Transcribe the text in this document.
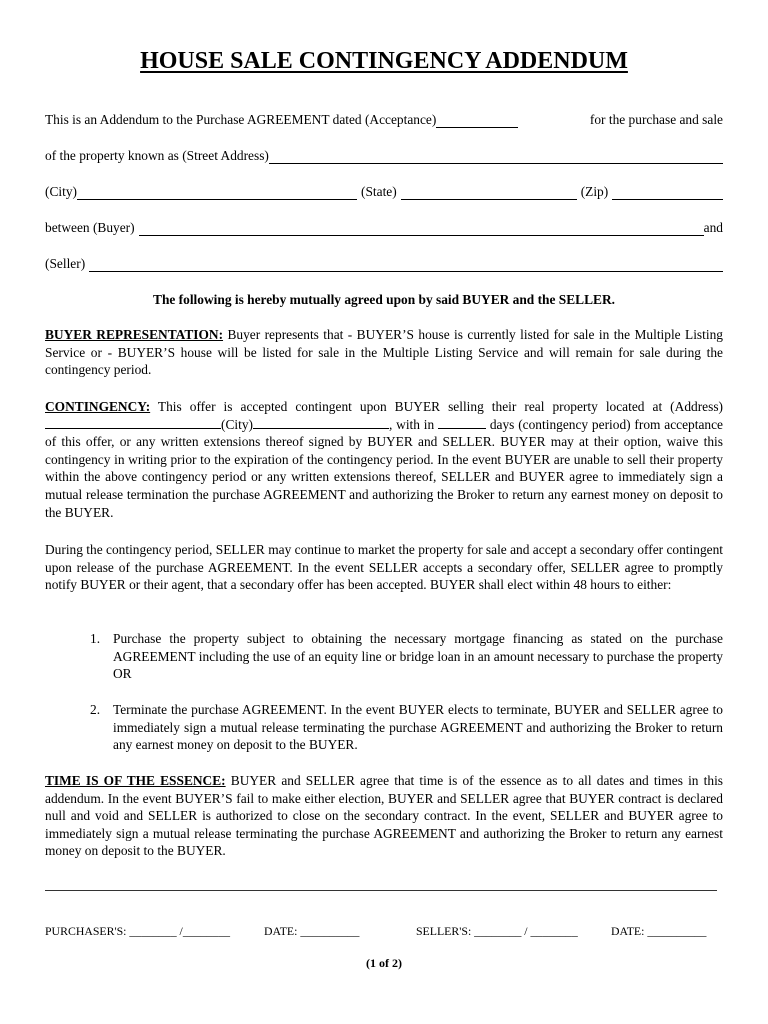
HOUSE SALE CONTINGENCY ADDENDUM
This is an Addendum to the Purchase AGREEMENT dated (Acceptance)	for the purchase and sale
of the property known as (Street Address)
(City)	(State)	(Zip)
between (Buyer)	and
(Seller)
The following is hereby mutually agreed upon by said BUYER and the SELLER.
BUYER REPRESENTATION: Buyer represents that - BUYER’S house is currently listed for sale in the Multiple Listing Service or - BUYER’S house will be listed for sale in the Multiple Listing Service and will remain for sale during the contingency period.
CONTINGENCY: This offer is accepted contingent upon BUYER selling their real property located at (Address)(City)	, with in	days (contingency period) from acceptance of this offer, or any written extensions thereof signed by BUYER and SELLER. BUYER may at their option, waive this contingency in writing prior to the expiration of the contingency period. In the event BUYER are unable to sell their property within the above contingency period or any written extensions thereof, SELLER and BUYER agree to immediately sign a mutual release termination the purchase AGREEMENT and authorizing the Broker to return any earnest money on deposit to the BUYER.
During the contingency period, SELLER may continue to market the property for sale and accept a secondary offer contingent upon release of the purchase AGREEMENT. In the event SELLER accepts a secondary offer, SELLER agree to promptly notify BUYER or their agent, that a secondary offer has been accepted. BUYER shall elect within 48 hours to either:
1. Purchase the property subject to obtaining the necessary mortgage financing as stated on the purchase AGREEMENT including the use of an equity line or bridge loan in an amount necessary to purchase the property OR
2. Terminate the purchase AGREEMENT. In the event BUYER elects to terminate, BUYER and SELLER agree to immediately sign a mutual release terminating the purchase AGREEMENT and authorizing the Broker to return any earnest money on deposit to the BUYER.
TIME IS OF THE ESSENCE: BUYER and SELLER agree that time is of the essence as to all dates and times in this addendum. In the event BUYER’S fail to make either election, BUYER and SELLER agree that BUYER contract is declared null and void and SELLER is authorized to close on the secondary contract. In the event, SELLER and BUYER agree to immediately sign a mutual release terminating the purchase AGREEMENT and authorizing the Broker to return any earnest money on deposit to the BUYER.
PURCHASER'S: ________ /________	DATE: __________	SELLER'S: ________ / ________	DATE: __________
(1 of 2)
